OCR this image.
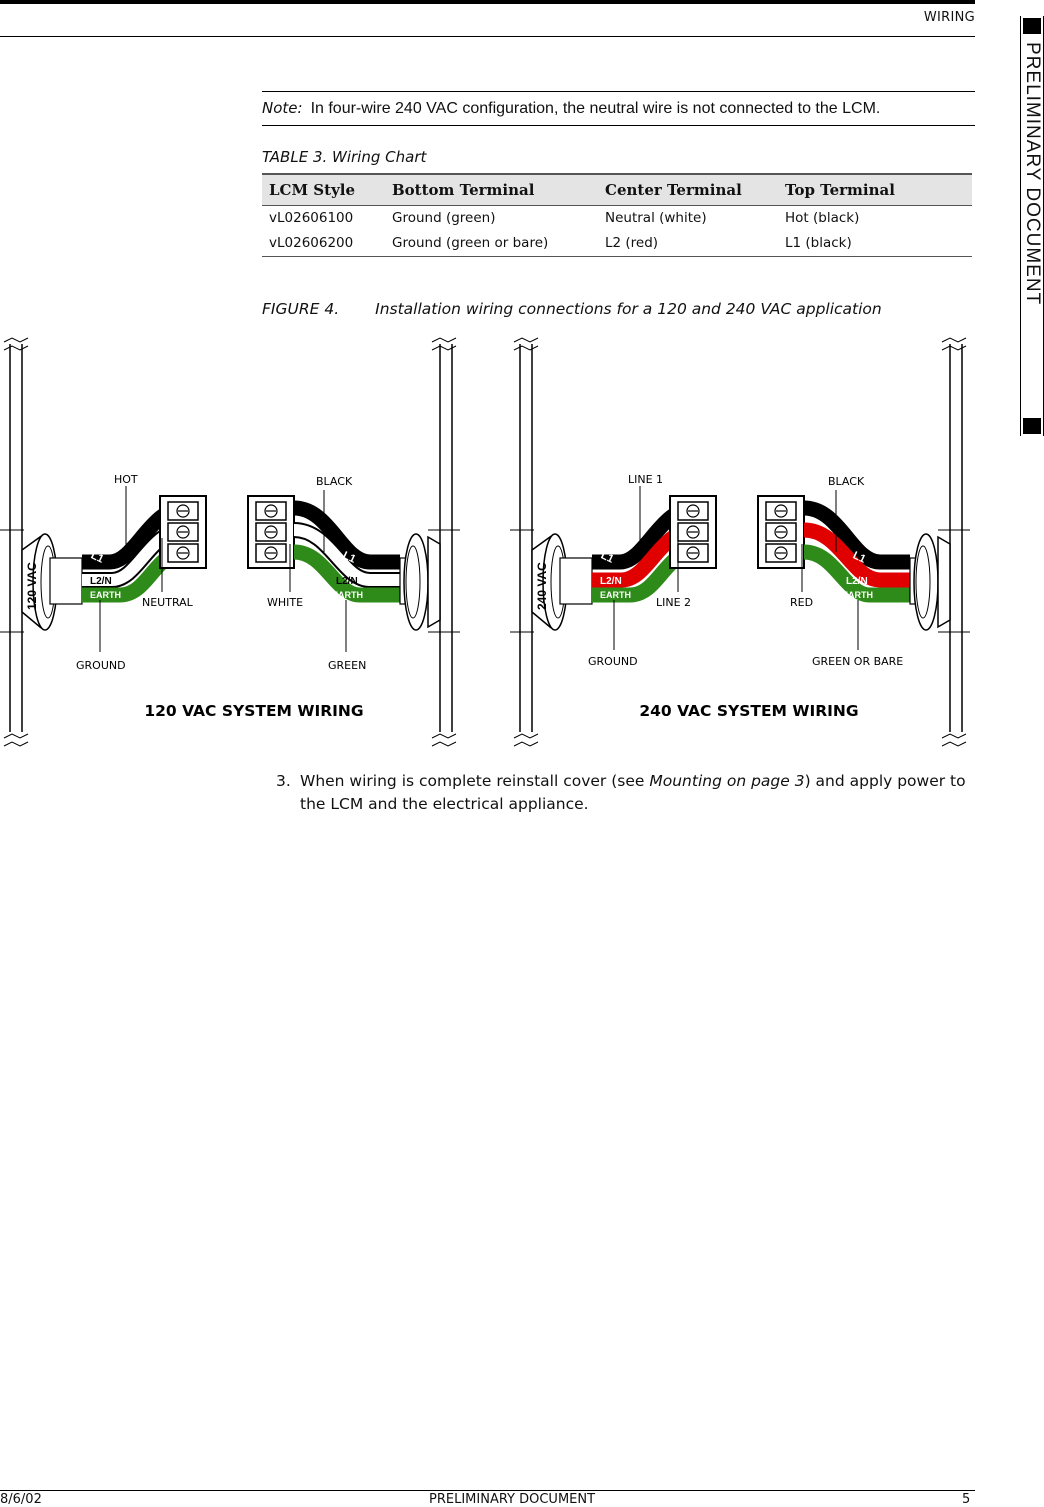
WIRING
PRELIMINARY DOCUMENT
Note: In four-wire 240 VAC configuration, the neutral wire is not connected to the LCM.
TABLE 3. Wiring Chart
LCM Style	Bottom Terminal	Center Terminal	Top Terminal
vL02606100	Ground (green)	Neutral (white)	Hot (black)
vL02606200	Ground (green or bare)	L2 (red)	L1 (black)
FIGURE 4. Installation wiring connections for a 120 and 240 VAC application
L1
L2/N
EARTH
L1
L2/N
EARTH
120 VAC
HOT
NEUTRAL
GROUND
BLACK
WHITE
GREEN
120 VAC SYSTEM WIRING
L1
L2/N
EARTH
L1
L2/N
EARTH
240 VAC
LINE 1
LINE 2
GROUND
BLACK
RED
GREEN OR BARE
240 VAC SYSTEM WIRING
3. When wiring is complete reinstall cover (see Mounting on page 3) and apply power to the LCM and the electrical appliance.
8/6/02	PRELIMINARY DOCUMENT	5
